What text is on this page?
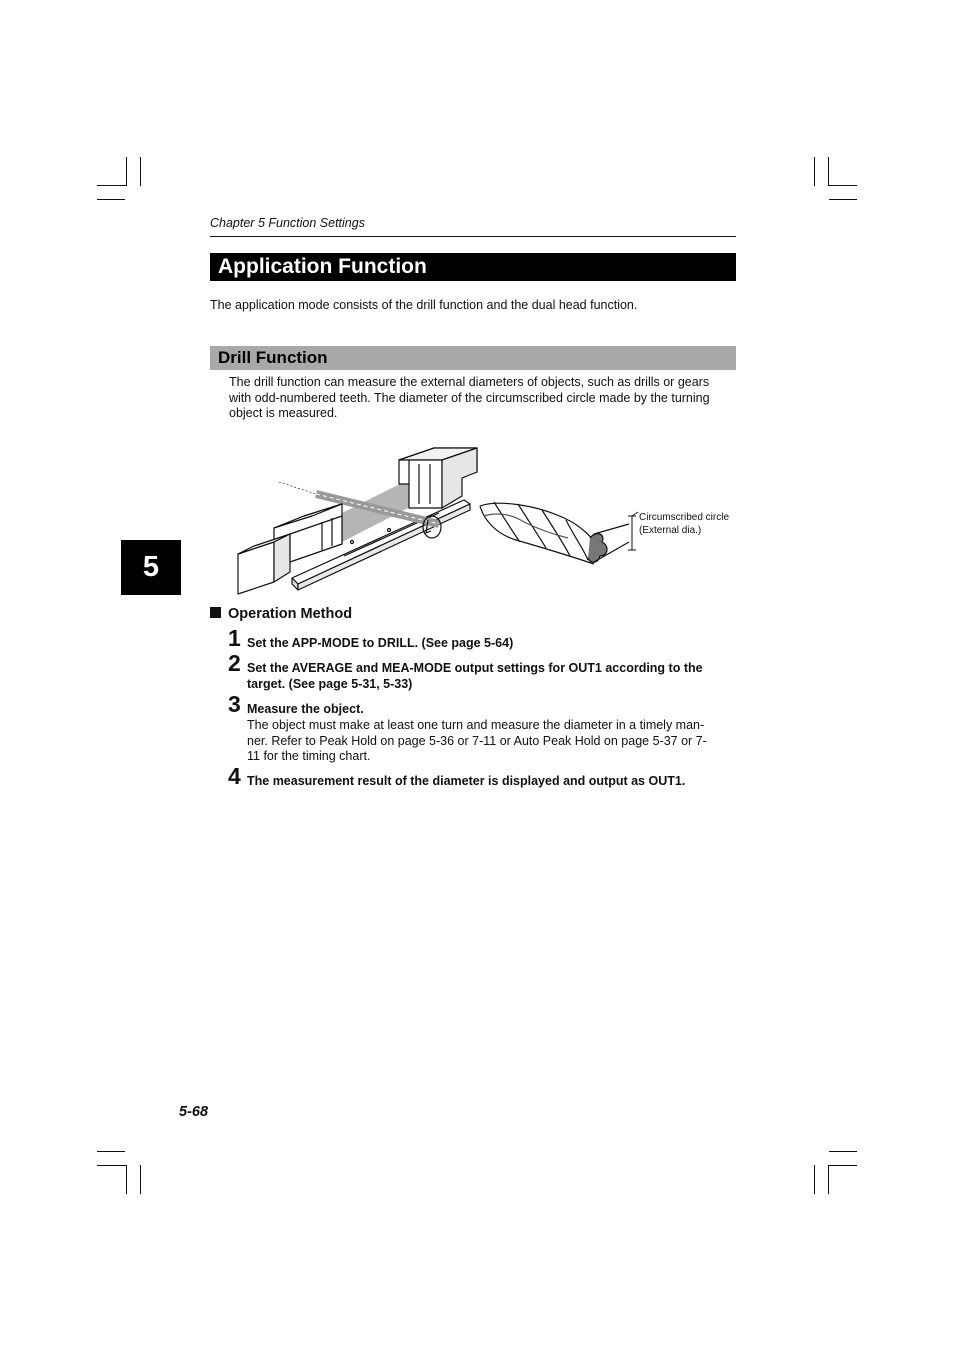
Chapter 5 Function Settings
Application Function
The application mode consists of the drill function and the dual head function.
Drill Function
The drill function can measure the external diameters of objects, such as drills or gears
with odd-numbered teeth. The diameter of the circumscribed circle made by the turning
object is measured.
Circumscribed circle
(External dia.)
5
Operation Method
1 Set the APP-MODE to DRILL. (See page 5-64)
2 Set the AVERAGE and MEA-MODE output settings for OUT1 according to the
target. (See page 5-31, 5-33)
3 Measure the object.
The object must make at least one turn and measure the diameter in a timely man-
ner. Refer to Peak Hold on page 5-36 or 7-11 or Auto Peak Hold on page 5-37 or 7-
11 for the timing chart.
4 The measurement result of the diameter is displayed and output as OUT1.
5-68
